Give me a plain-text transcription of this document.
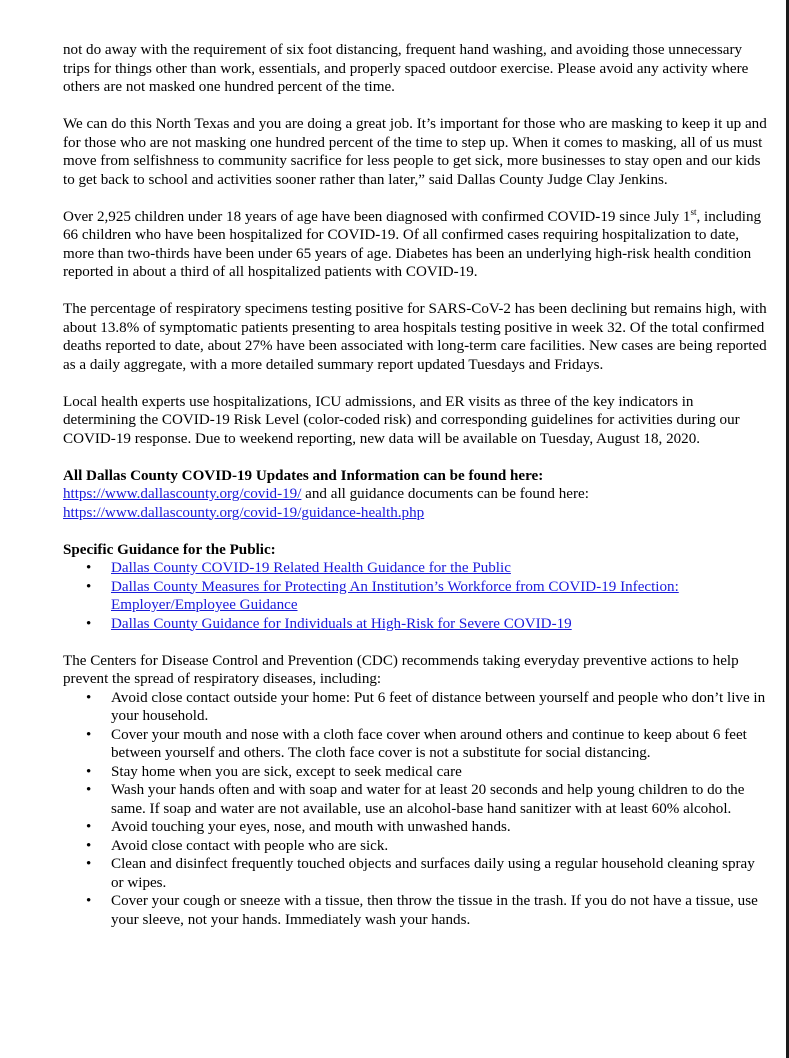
not do away with the requirement of six foot distancing, frequent hand washing, and avoiding those unnecessary trips for things other than work, essentials, and properly spaced outdoor exercise. Please avoid any activity where others are not masked one hundred percent of the time.

We can do this North Texas and you are doing a great job. It’s important for those who are masking to keep it up and for those who are not masking one hundred percent of the time to step up. When it comes to masking, all of us must move from selfishness to community sacrifice for less people to get sick, more businesses to stay open and our kids to get back to school and activities sooner rather than later,” said Dallas County Judge Clay Jenkins.

Over 2,925 children under 18 years of age have been diagnosed with confirmed COVID-19 since July 1st, including 66 children who have been hospitalized for COVID-19. Of all confirmed cases requiring hospitalization to date, more than two-thirds have been under 65 years of age. Diabetes has been an underlying high-risk health condition reported in about a third of all hospitalized patients with COVID-19.

The percentage of respiratory specimens testing positive for SARS-CoV-2 has been declining but remains high, with about 13.8% of symptomatic patients presenting to area hospitals testing positive in week 32. Of the total confirmed deaths reported to date, about 27% have been associated with long-term care facilities. New cases are being reported as a daily aggregate, with a more detailed summary report updated Tuesdays and Fridays.

Local health experts use hospitalizations, ICU admissions, and ER visits as three of the key indicators in determining the COVID-19 Risk Level (color-coded risk) and corresponding guidelines for activities during our COVID-19 response. Due to weekend reporting, new data will be available on Tuesday, August 18, 2020.

All Dallas County COVID-19 Updates and Information can be found here:

https://www.dallascounty.org/covid-19/ and all guidance documents can be found here:
https://www.dallascounty.org/covid-19/guidance-health.php

Specific Guidance for the Public:
• Dallas County COVID-19 Related Health Guidance for the Public
• Dallas County Measures for Protecting An Institution’s Workforce from COVID-19 Infection: Employer/Employee Guidance
• Dallas County Guidance for Individuals at High-Risk for Severe COVID-19

The Centers for Disease Control and Prevention (CDC) recommends taking everyday preventive actions to help prevent the spread of respiratory diseases, including:

• Avoid close contact outside your home: Put 6 feet of distance between yourself and people who don’t live in your household.
• Cover your mouth and nose with a cloth face cover when around others and continue to keep about 6 feet between yourself and others. The cloth face cover is not a substitute for social distancing.
• Stay home when you are sick, except to seek medical care
• Wash your hands often and with soap and water for at least 20 seconds and help young children to do the same. If soap and water are not available, use an alcohol-base hand sanitizer with at least 60% alcohol.
• Avoid touching your eyes, nose, and mouth with unwashed hands.
• Avoid close contact with people who are sick.
• Clean and disinfect frequently touched objects and surfaces daily using a regular household cleaning spray or wipes.
• Cover your cough or sneeze with a tissue, then throw the tissue in the trash. If you do not have a tissue, use your sleeve, not your hands. Immediately wash your hands.
